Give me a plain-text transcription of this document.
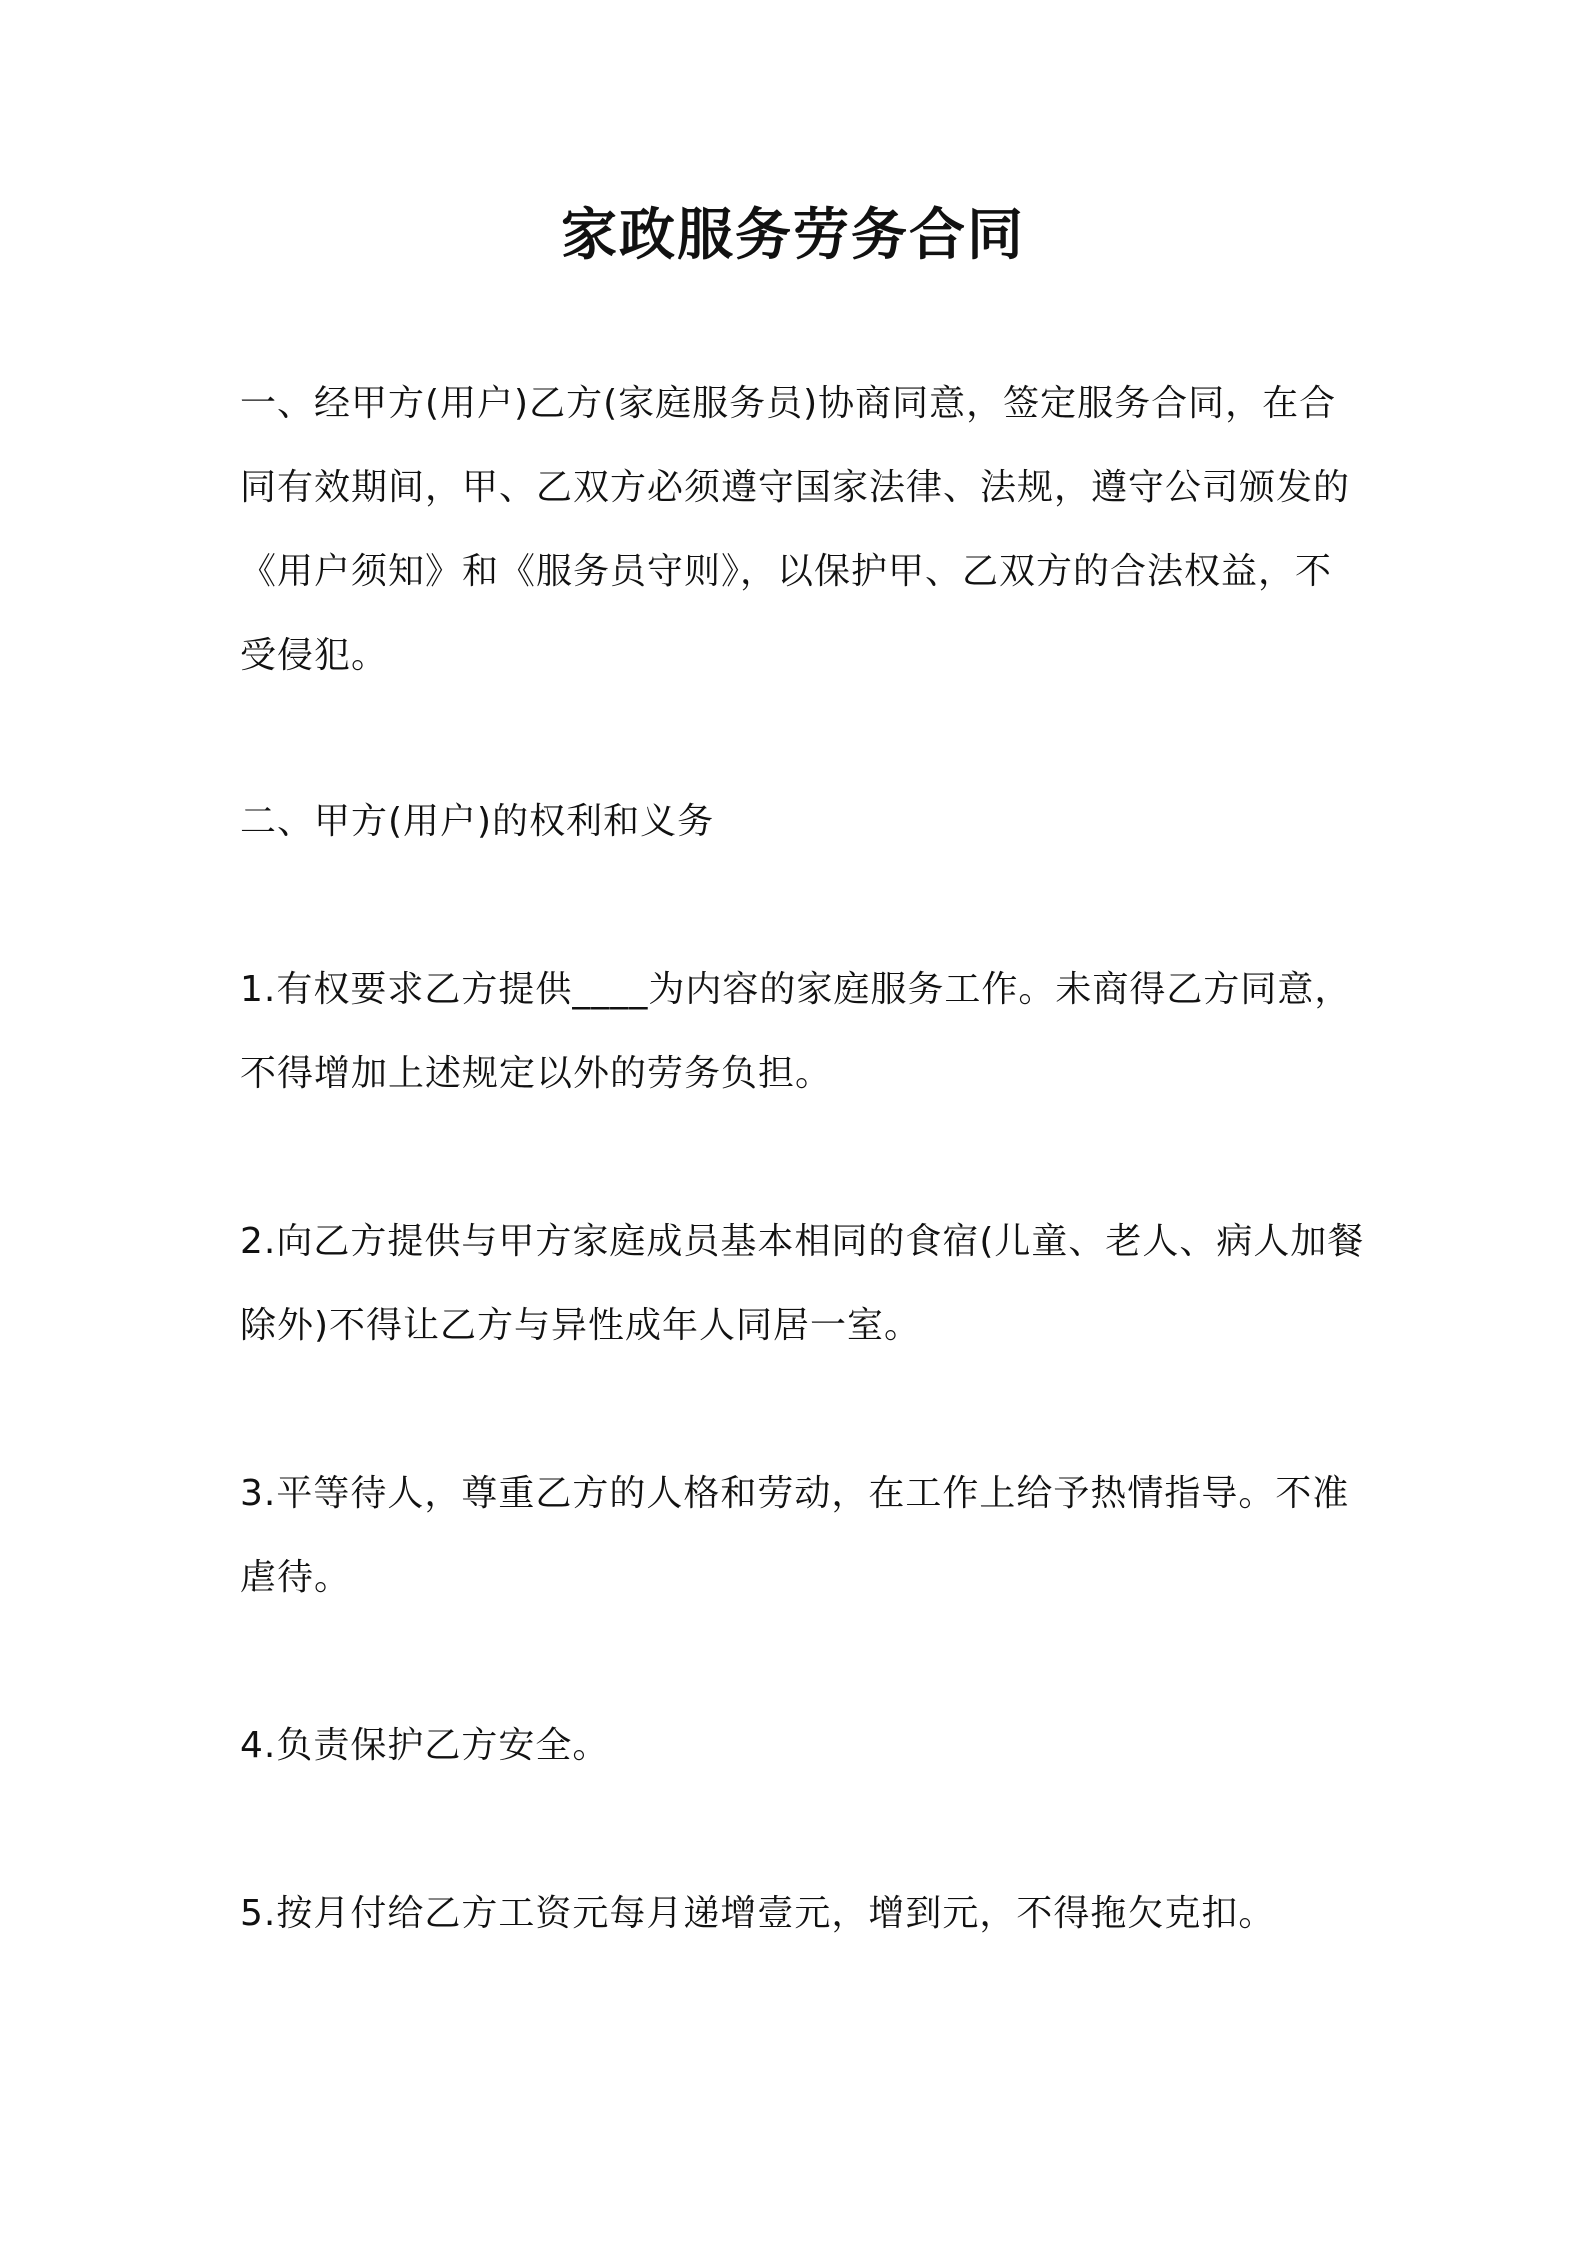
家政服务劳务合同
一、经甲方(用户)乙方(家庭服务员)协商同意，签定服务合同，在合
同有效期间，甲、乙双方必须遵守国家法律、法规，遵守公司颁发的
《用户须知》和《服务员守则》，以保护甲、乙双方的合法权益，不
受侵犯。
二、甲方(用户)的权利和义务
1.有权要求乙方提供____为内容的家庭服务工作。未商得乙方同意，
不得增加上述规定以外的劳务负担。
2.向乙方提供与甲方家庭成员基本相同的食宿(儿童、老人、病人加餐
除外)不得让乙方与异性成年人同居一室。
3.平等待人，尊重乙方的人格和劳动，在工作上给予热情指导。不准
虐待。
4.负责保护乙方安全。
5.按月付给乙方工资元每月递增壹元，增到元，不得拖欠克扣。
